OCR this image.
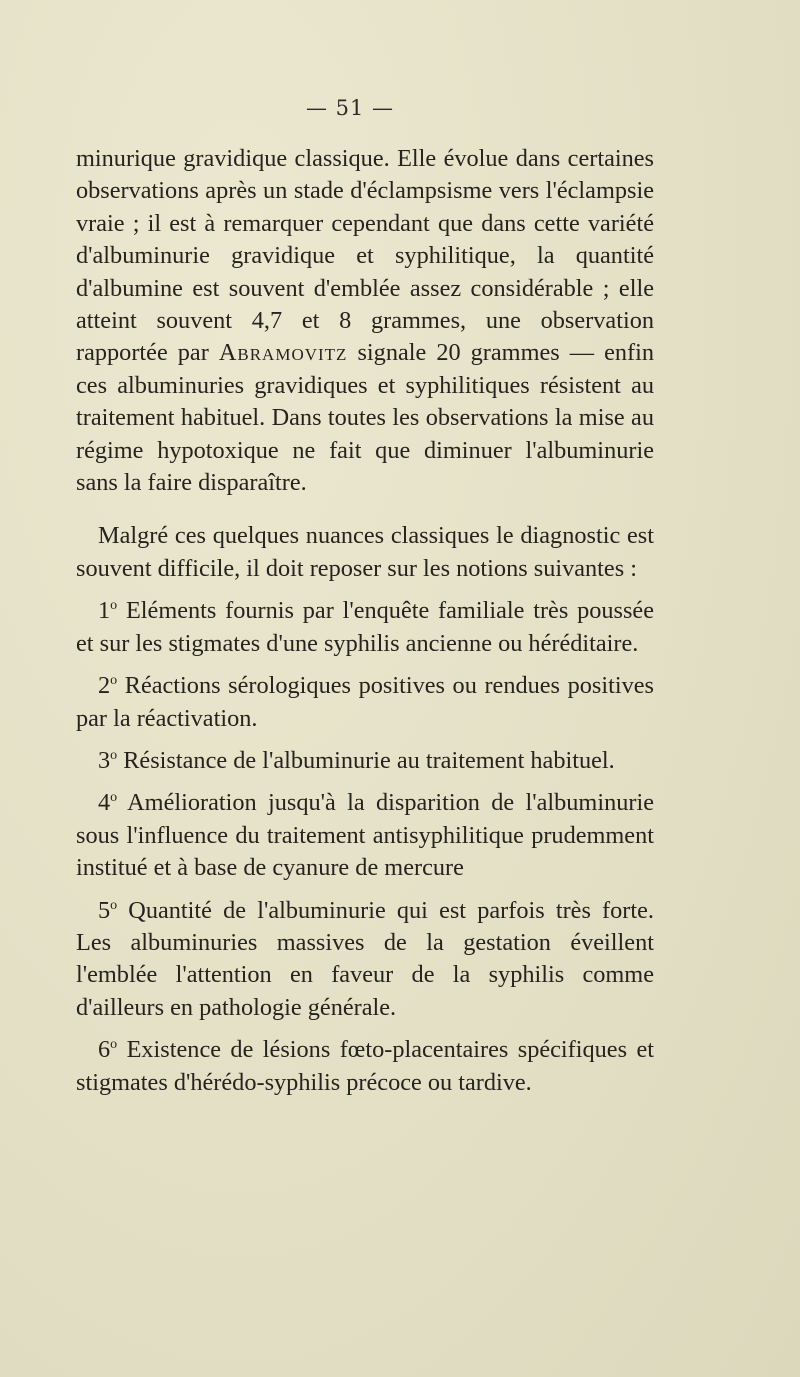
— 51 —

minurique gravidique classique. Elle évolue dans certaines observations après un stade d'éclampsisme vers l'éclampsie vraie ; il est à remarquer cependant que dans cette variété d'albuminurie gravidique et syphilitique, la quantité d'albumine est souvent d'emblée assez considérable ; elle atteint souvent 4,7 et 8 grammes, une observation rapportée par Abramovitz signale 20 grammes — enfin ces albuminuries gravidiques et syphilitiques résistent au traitement habituel. Dans toutes les observations la mise au régime hypotoxique ne fait que diminuer l'albuminurie sans la faire disparaître.

Malgré ces quelques nuances classiques le diagnostic est souvent difficile, il doit reposer sur les notions suivantes :

1$^o$ Eléments fournis par l'enquête familiale très poussée et sur les stigmates d'une syphilis ancienne ou héréditaire.

2$^o$ Réactions sérologiques positives ou rendues positives par la réactivation.

3$^o$ Résistance de l'albuminurie au traitement habituel.

4$^o$ Amélioration jusqu'à la disparition de l'albuminurie sous l'influence du traitement antisyphilitique prudemment institué et à base de cyanure de mercure

5$^o$ Quantité de l'albuminurie qui est parfois très forte. Les albuminuries massives de la gestation éveillent l'emblée l'attention en faveur de la syphilis comme d'ailleurs en pathologie générale.

6$^o$ Existence de lésions fœto-placentaires spécifiques et stigmates d'hérédo-syphilis précoce ou tardive.
